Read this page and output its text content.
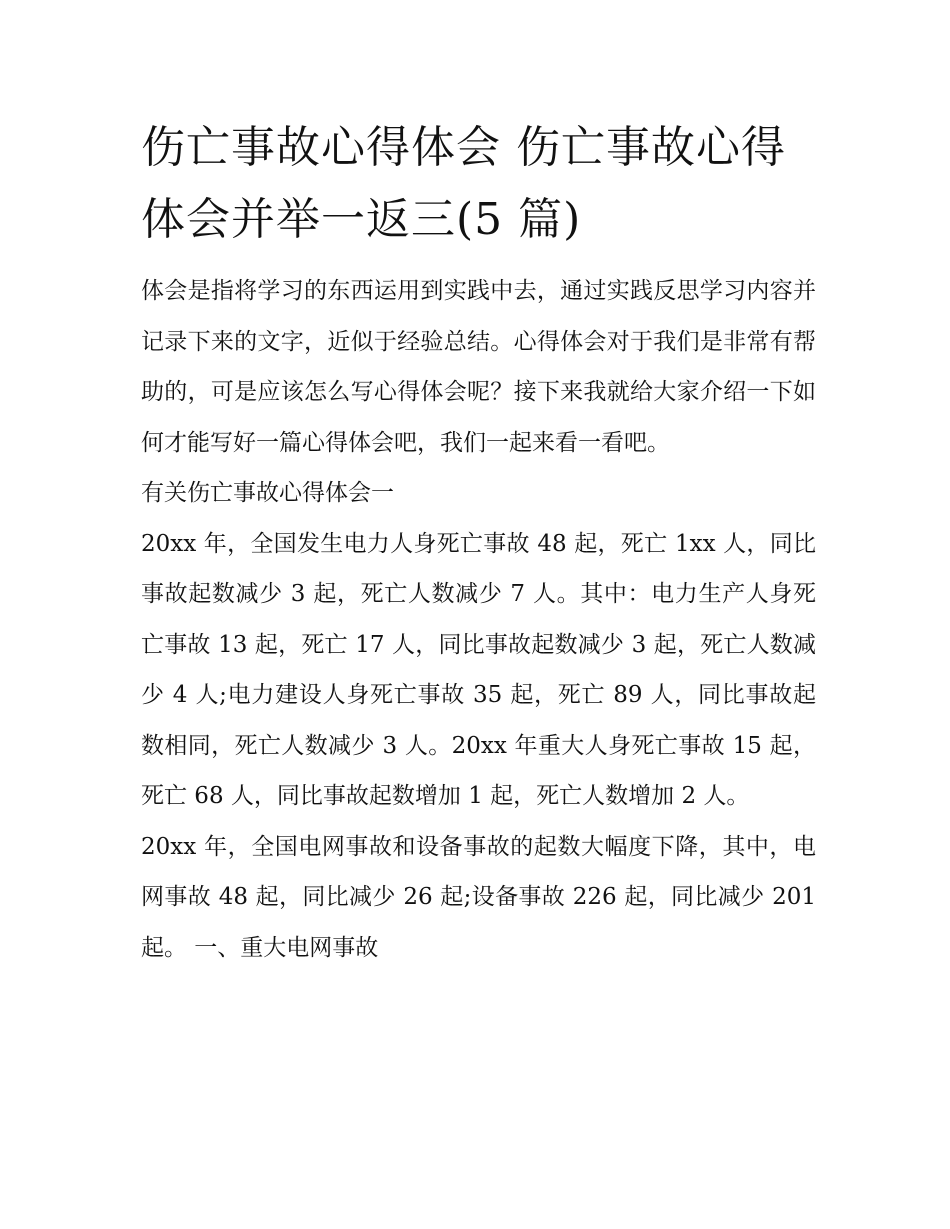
伤亡事故心得体会 伤亡事故心得体会并举一返三(5 篇)

体会是指将学习的东西运用到实践中去，通过实践反思学习内容并记录下来的文字，近似于经验总结。心得体会对于我们是非常有帮助的，可是应该怎么写心得体会呢？接下来我就给大家介绍一下如何才能写好一篇心得体会吧，我们一起来看一看吧。

有关伤亡事故心得体会一

20xx 年，全国发生电力人身死亡事故 48 起，死亡 1xx 人，同比事故起数减少 3 起，死亡人数减少 7 人。其中：电力生产人身死亡事故 13 起，死亡 17 人，同比事故起数减少 3 起，死亡人数减少 4 人;电力建设人身死亡事故 35 起，死亡 89 人，同比事故起数相同，死亡人数减少 3 人。20xx 年重大人身死亡事故 15 起，死亡 68 人，同比事故起数增加 1 起，死亡人数增加 2 人。

20xx 年，全国电网事故和设备事故的起数大幅度下降，其中，电网事故 48 起，同比减少 26 起;设备事故 226 起，同比减少 201 起。 一、重大电网事故
